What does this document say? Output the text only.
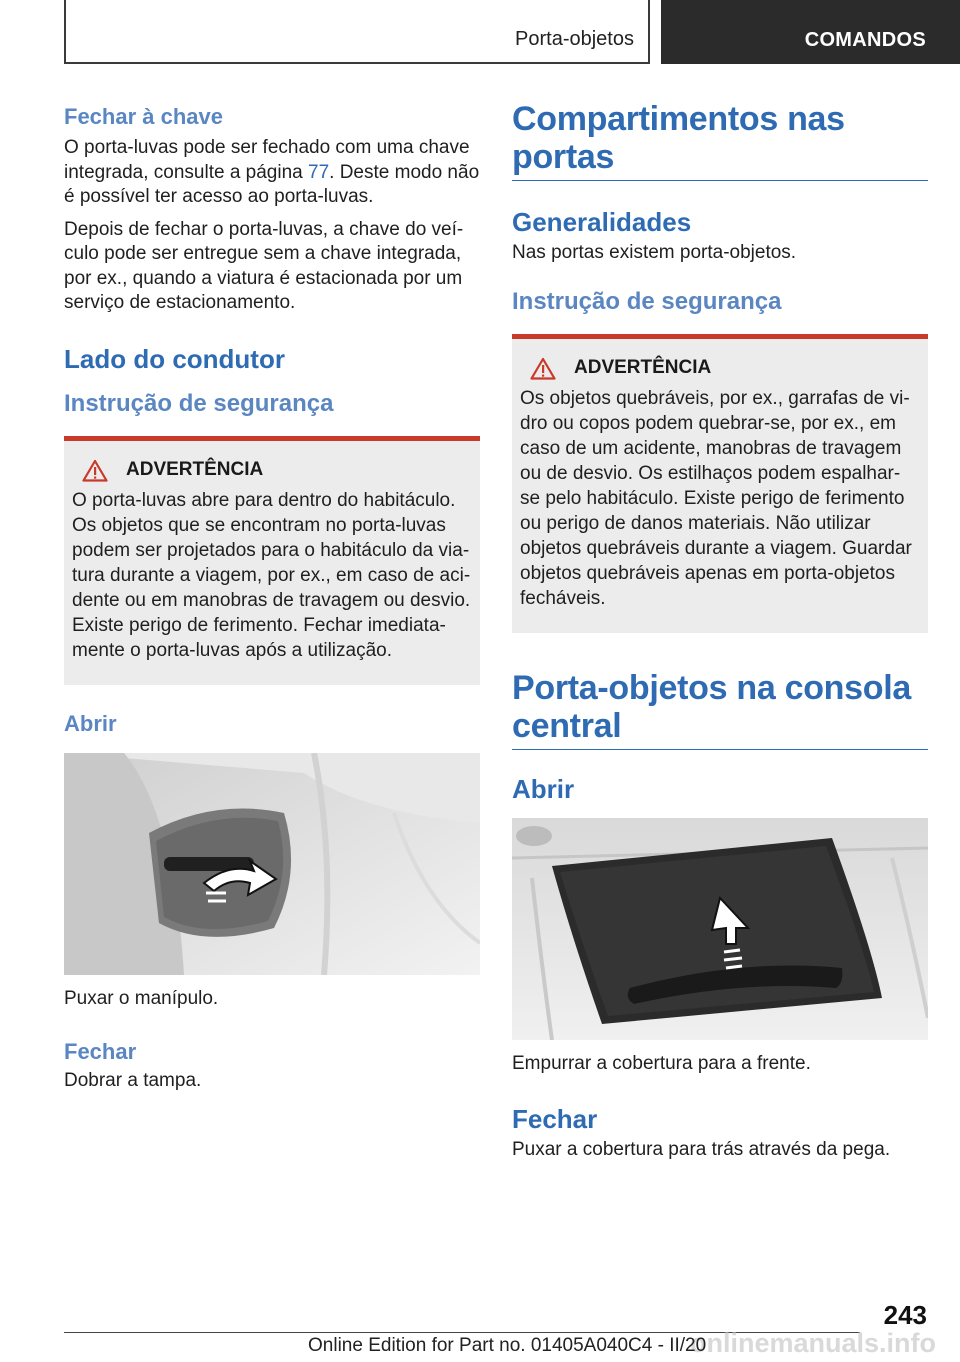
Porta-objetos	COMANDOS
Fechar à chave

O porta-luvas pode ser fechado com uma chave integrada, consulte a página 77. Deste modo não é possível ter acesso ao porta-luvas.

Depois de fechar o porta-luvas, a chave do veículo pode ser entregue sem a chave integrada, por ex., quando a viatura é estacionada por um serviço de estacionamento.

Lado do condutor
Instrução de segurança
ADVERTÊNCIA

O porta-luvas abre para dentro do habitáculo. Os objetos que se encontram no porta-luvas podem ser projetados para o habitáculo da viatura durante a viagem, por ex., em caso de acidente ou em manobras de travagem ou desvio. Existe perigo de ferimento. Fechar imediatamente o porta-luvas após a utilização.

Abrir

Puxar o manípulo.

Fechar

Dobrar a tampa.

Compartimentos nas portas
Generalidades

Nas portas existem porta-objetos.

Instrução de segurança
ADVERTÊNCIA

Os objetos quebráveis, por ex., garrafas de vidro ou copos podem quebrar-se, por ex., em caso de um acidente, manobras de travagem ou de desvio. Os estilhaços podem espalhar-se pelo habitáculo. Existe perigo de ferimento ou perigo de danos materiais. Não utilizar objetos quebráveis durante a viagem. Guardar objetos quebráveis apenas em porta-objetos fecháveis.

Porta-objetos na consola central
Abrir

Empurrar a cobertura para a frente.

Fechar

Puxar a cobertura para trás através da pega.

243
onlinemanuals.info
Online Edition for Part no. 01405A040C4 - II/20
